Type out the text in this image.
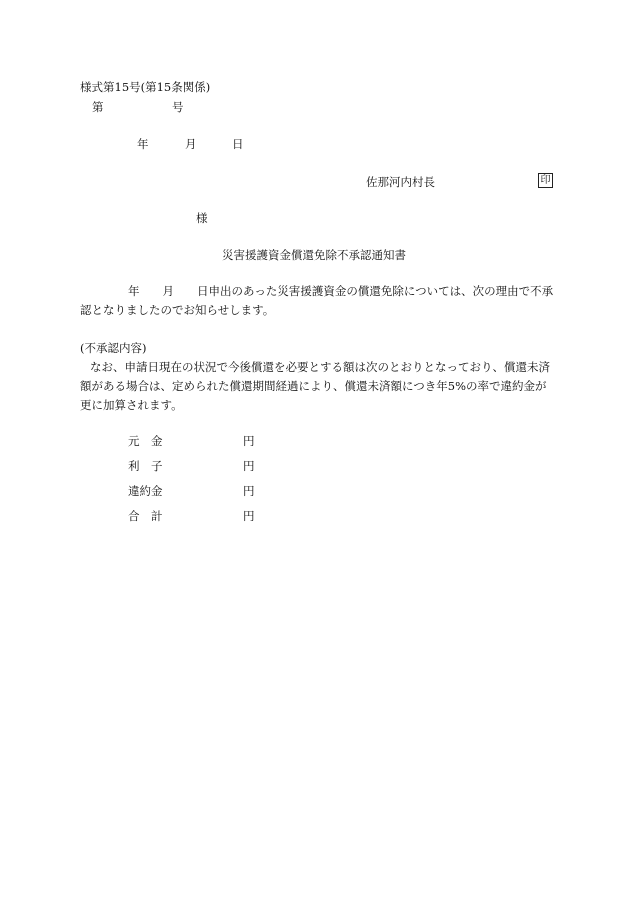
様式第15号(第15条関係)
第	号
年	月	日
佐那河内村長	印
様
災害援護資金償還免除不承認通知書
年　　月　　日申出のあった災害援護資金の償還免除については、次の理由で不承
認となりましたのでお知らせします。
(不承認内容)
なお、申請日現在の状況で今後償還を必要とする額は次のとおりとなっており、償還未済
額がある場合は、定められた償還期間経過により、償還未済額につき年5%の率で違約金が
更に加算されます。
元　金	円
利　子	円
違約金	円
合　計	円
